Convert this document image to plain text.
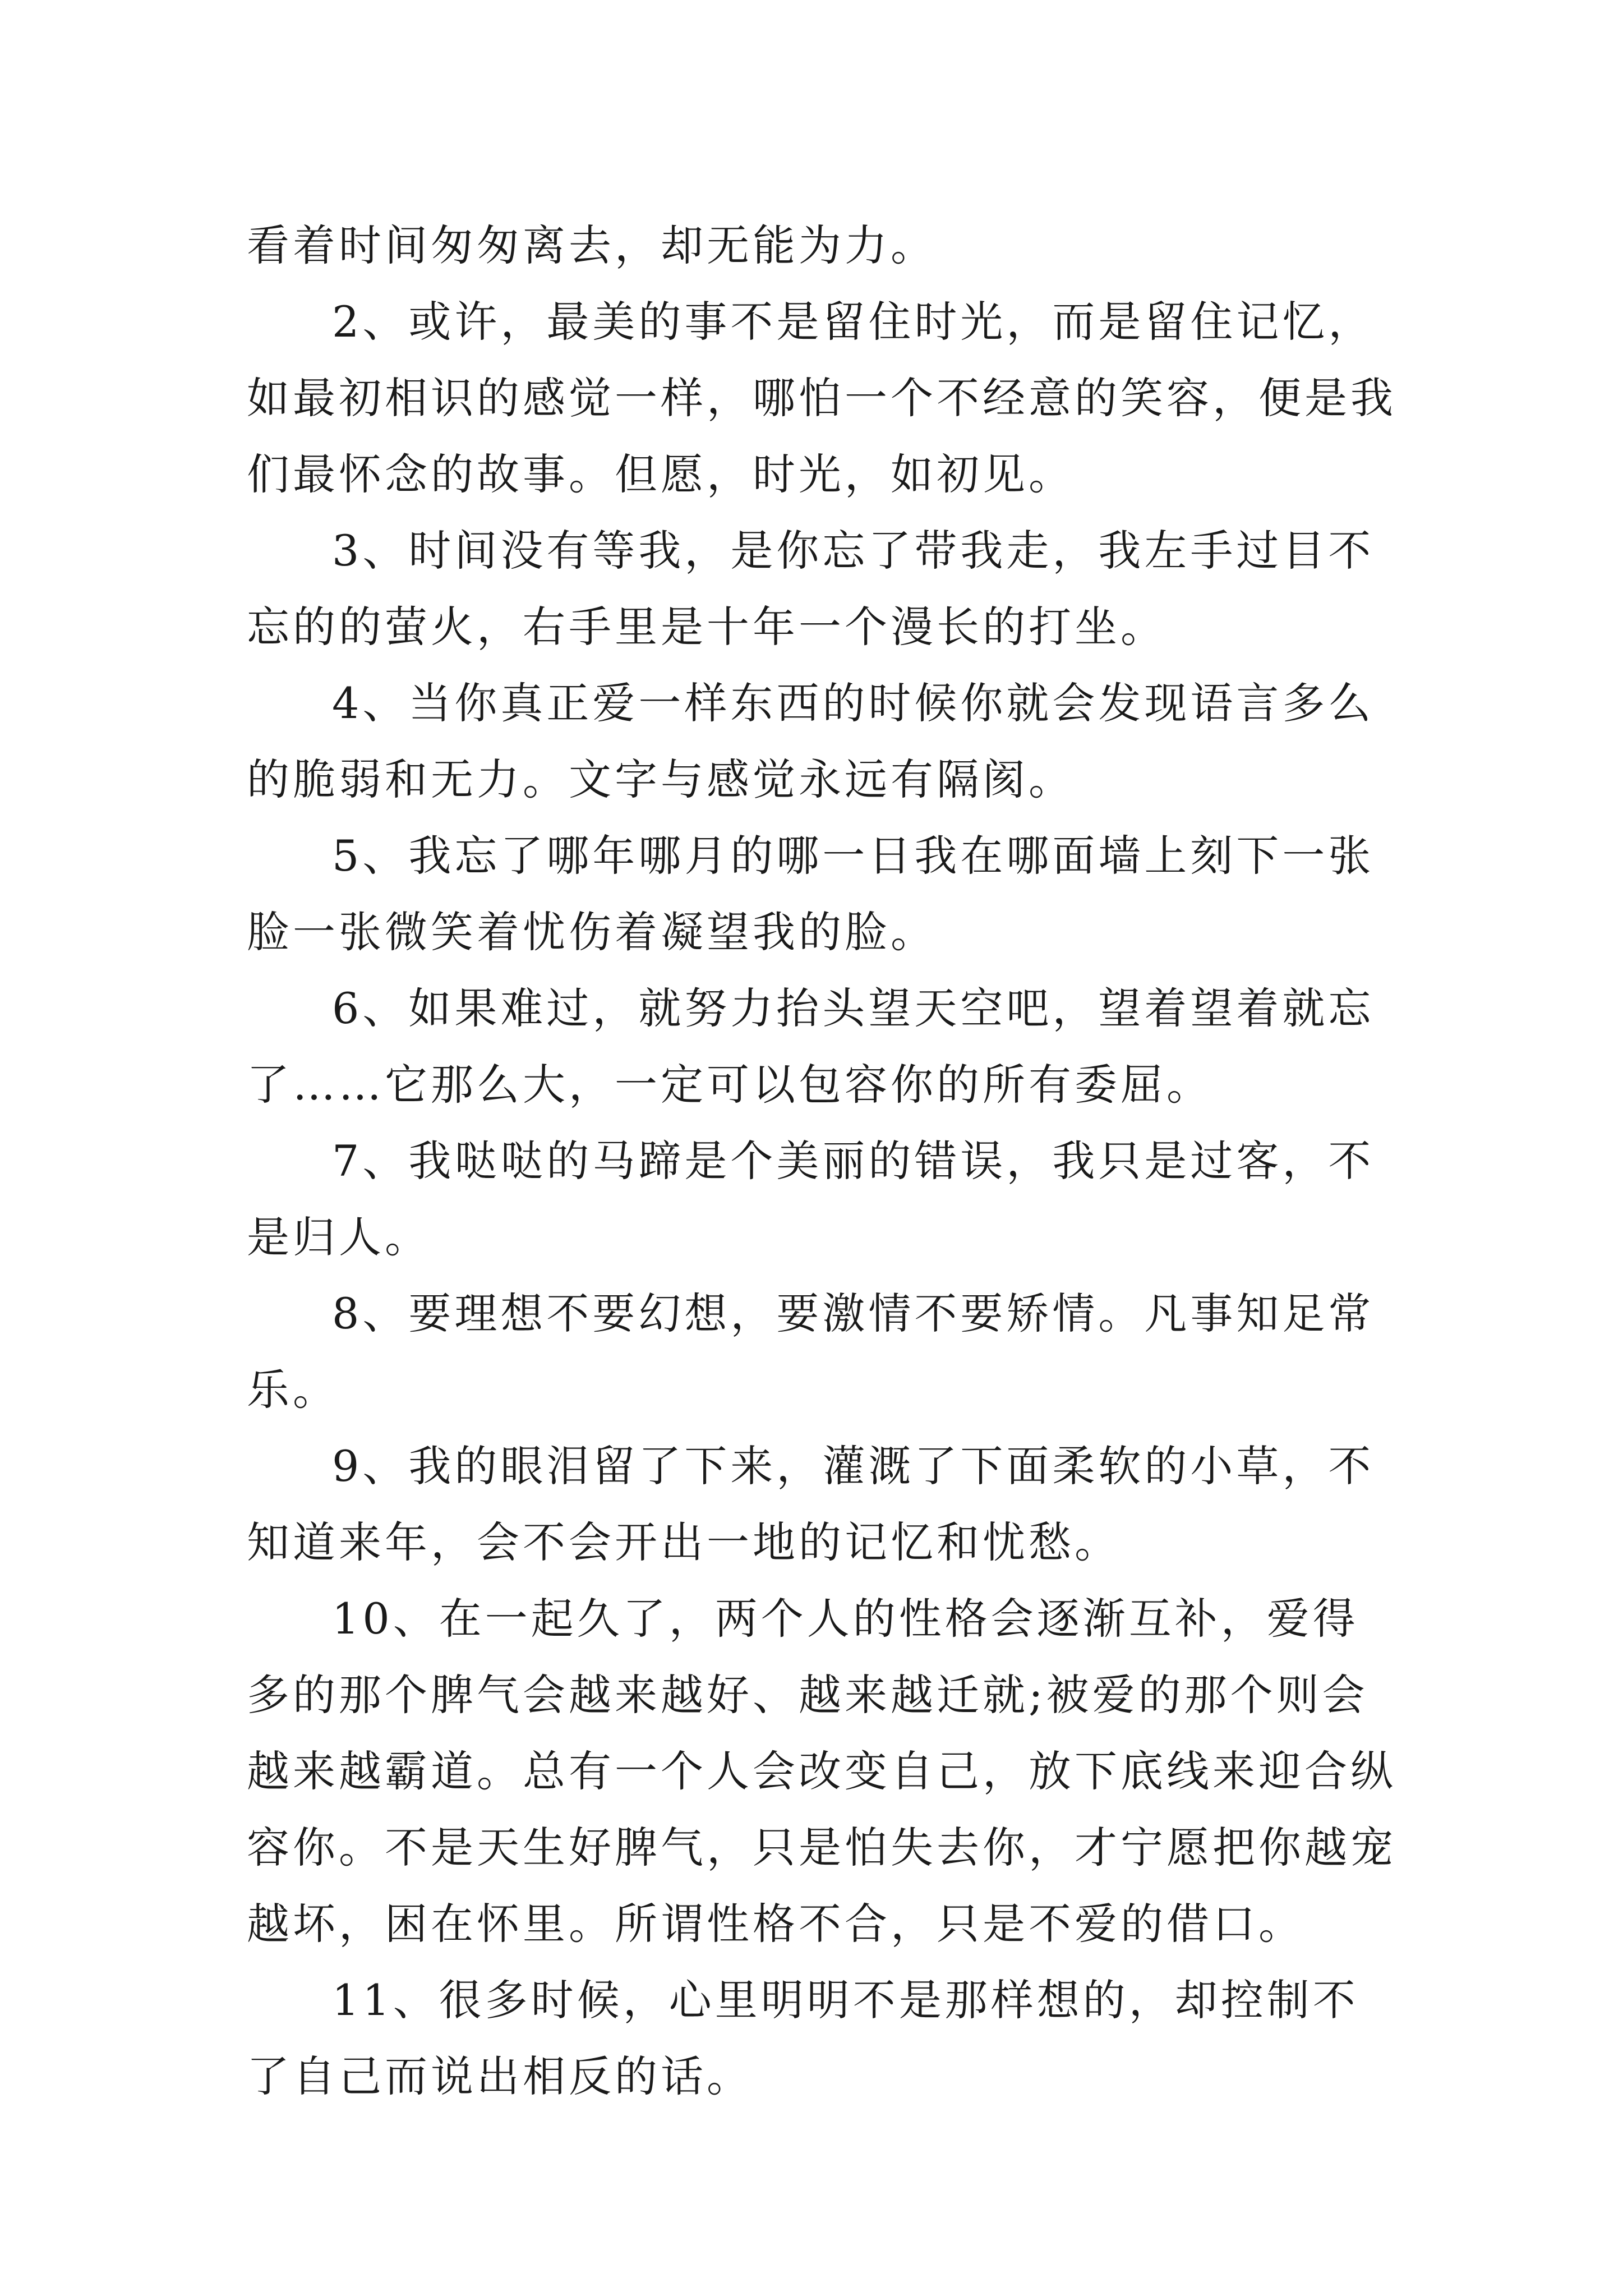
看着时间匆匆离去，却无能为力。

2、或许，最美的事不是留住时光，而是留住记忆，如最初相识的感觉一样，哪怕一个不经意的笑容，便是我们最怀念的故事。但愿，时光，如初见。

3、时间没有等我，是你忘了带我走，我左手过目不忘的的萤火，右手里是十年一个漫长的打坐。

4、当你真正爱一样东西的时候你就会发现语言多么的脆弱和无力。文字与感觉永远有隔阂。

5、我忘了哪年哪月的哪一日我在哪面墙上刻下一张脸一张微笑着忧伤着凝望我的脸。

6、如果难过，就努力抬头望天空吧，望着望着就忘了……它那么大，一定可以包容你的所有委屈。

7、我哒哒的马蹄是个美丽的错误，我只是过客，不是归人。

8、要理想不要幻想，要激情不要矫情。凡事知足常乐。

9、我的眼泪留了下来，灌溉了下面柔软的小草，不知道来年，会不会开出一地的记忆和忧愁。

10、在一起久了，两个人的性格会逐渐互补，爱得多的那个脾气会越来越好、越来越迁就;被爱的那个则会越来越霸道。总有一个人会改变自己，放下底线来迎合纵容你。不是天生好脾气，只是怕失去你，才宁愿把你越宠越坏，困在怀里。所谓性格不合，只是不爱的借口。

11、很多时候，心里明明不是那样想的，却控制不了自己而说出相反的话。
